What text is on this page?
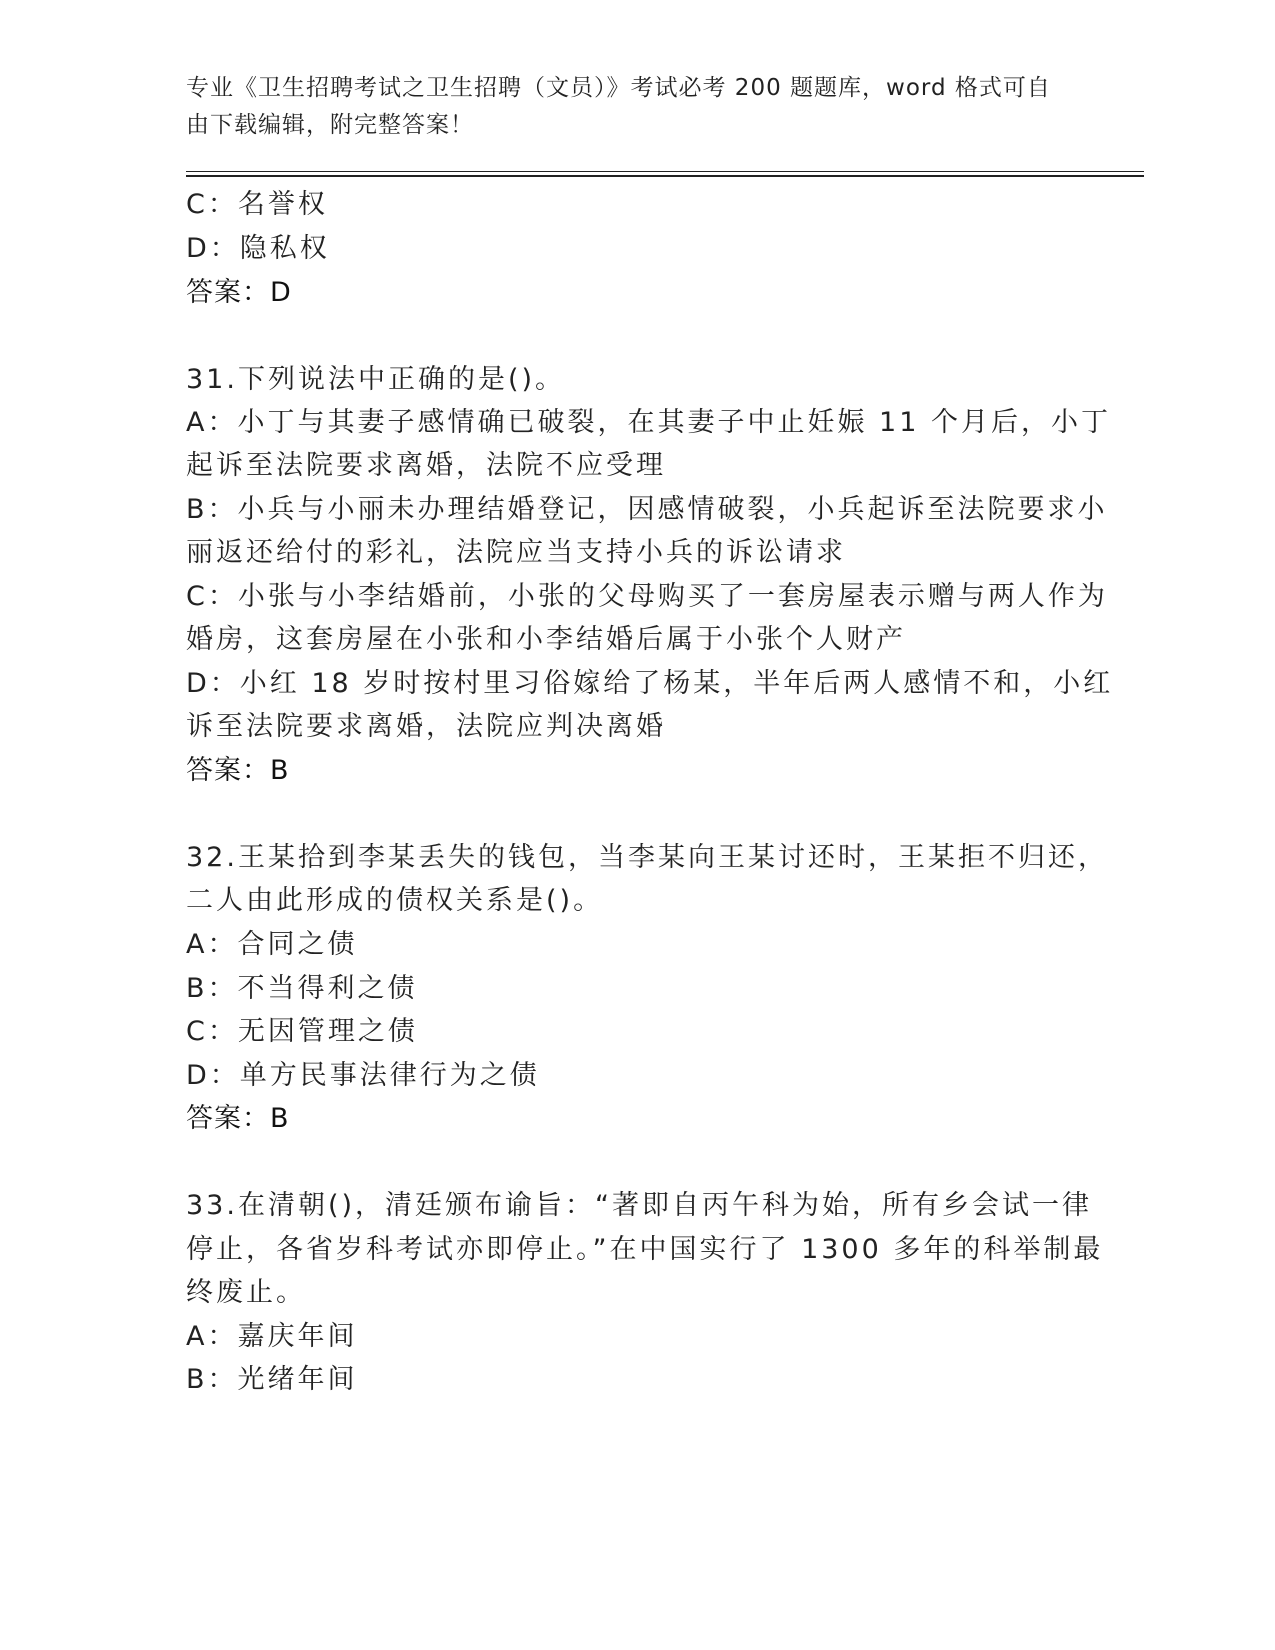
专业《卫生招聘考试之卫生招聘（文员）》考试必考 200 题题库，word 格式可自
由下载编辑，附完整答案！
C：名誉权
D：隐私权
答案：D
31.下列说法中正确的是()。
A：小丁与其妻子感情确已破裂，在其妻子中止妊娠 11 个月后，小丁
起诉至法院要求离婚，法院不应受理
B：小兵与小丽未办理结婚登记，因感情破裂，小兵起诉至法院要求小
丽返还给付的彩礼，法院应当支持小兵的诉讼请求
C：小张与小李结婚前，小张的父母购买了一套房屋表示赠与两人作为
婚房，这套房屋在小张和小李结婚后属于小张个人财产
D：小红 18 岁时按村里习俗嫁给了杨某，半年后两人感情不和，小红
诉至法院要求离婚，法院应判决离婚
答案：B
32.王某拾到李某丢失的钱包，当李某向王某讨还时，王某拒不归还，
二人由此形成的债权关系是()。
A：合同之债
B：不当得利之债
C：无因管理之债
D：单方民事法律行为之债
答案：B
33.在清朝()，清廷颁布谕旨：“著即自丙午科为始，所有乡会试一律
停止，各省岁科考试亦即停止。”在中国实行了 1300 多年的科举制最
终废止。
A：嘉庆年间
B：光绪年间
